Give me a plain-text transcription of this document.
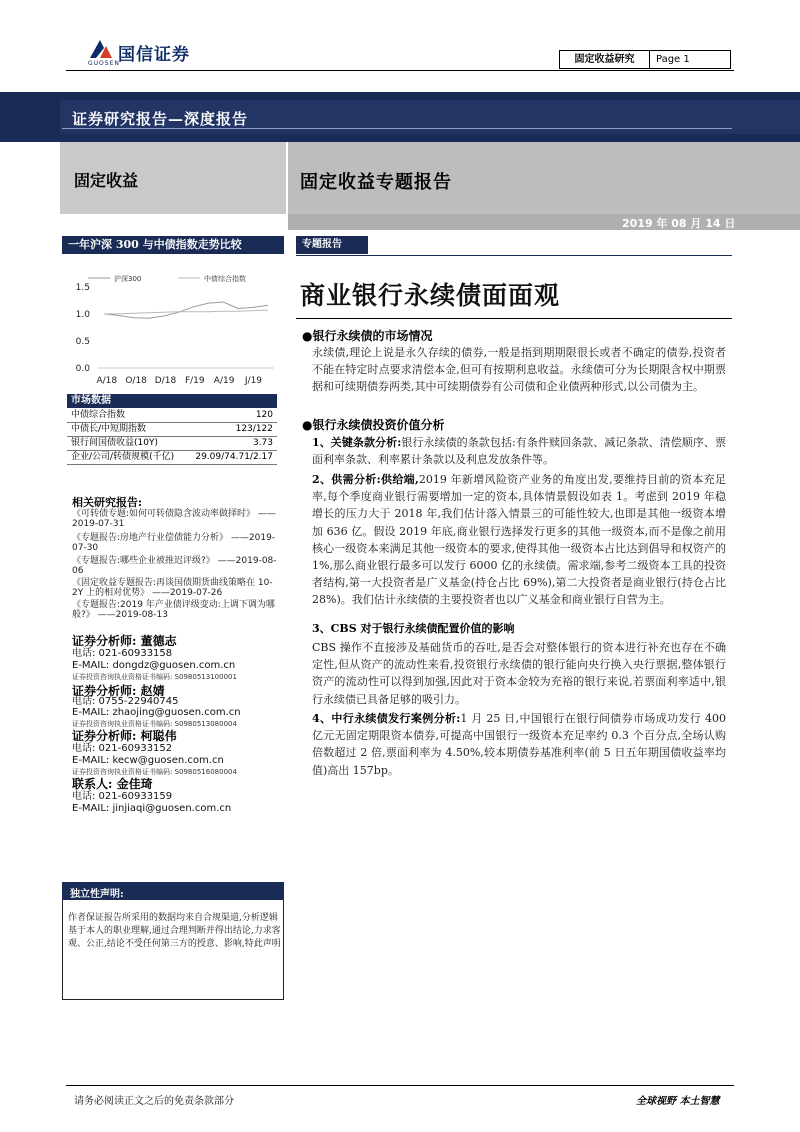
国信证券
GUOSEN	固定收益研究	Page 1
证券研究报告—深度报告
固定收益	固定收益专题报告
2019 年 08 月 14 日
一年沪深 300 与中债指数走势比较
沪深300	中债综合指数
0.0
0.5
1.0
1.5
A/18 O/18 D/18 F/19 A/19 J/19
市场数据
中债综合指数	120
中债长/中短期指数	123/122
银行间国债收益(10Y)	3.73
企业/公司/转债规模(千亿) 29.09/74.71/2.17
相关研究报告:
《可转债专题:如何可转债隐含波动率做择时》 ——2019-07-31
《专题报告:房地产行业偿债能力分析》 ——2019-07-30
《专题报告:哪些企业被推迟评级?》 ——2019-08-06
《固定收益专题报告:再谈国债期货曲线策略在 10-2Y 上的相对优势》 ——2019-07-26
《专题报告:2019 年产业债评级变动:上调下调为哪般?》 ——2019-08-13
证券分析师: 董德志
电话: 021-60933158
E-MAIL: dongdz@guosen.com.cn
证券投资咨询执业资格证书编码: S0980513100001
证券分析师: 赵婧
电话: 0755-22940745
E-MAIL: zhaojing@guosen.com.cn
证券投资咨询执业资格证书编码: S0980513080004
证券分析师: 柯聪伟
电话: 021-60933152
E-MAIL: kecw@guosen.com.cn
证券投资咨询执业资格证书编码: S0980516080004
联系人: 金佳琦
电话: 021-60933159
E-MAIL: jinjiaqi@guosen.com.cn
独立性声明:
作者保证报告所采用的数据均来自合规渠道,分析逻辑基于本人的职业理解,通过合理判断并得出结论,力求客观、公正,结论不受任何第三方的授意、影响,特此声明
专题报告
商业银行永续债面面观
●银行永续债的市场情况
永续债,理论上说是永久存续的债券,一般是指到期期限很长或者不确定的债券,投资者不能在特定时点要求清偿本金,但可有按期利息收益。永续债可分为长期限含权中期票据和可续期债券两类,其中可续期债券有公司债和企业债两种形式,以公司债为主。
●银行永续债投资价值分析
1、关键条款分析:银行永续债的条款包括:有条件赎回条款、减记条款、清偿顺序、票面利率条款、利率累计条款以及利息发放条件等。
2、供需分析:供给端,2019 年新增风险资产业务的角度出发,要维持目前的资本充足率,每个季度商业银行需要增加一定的资本,具体情景假设如表 1。考虑到 2019 年稳增长的压力大于 2018 年,我们估计落入情景三的可能性较大,也即是其他一级资本增加 636 亿。假设 2019 年底,商业银行选择发行更多的其他一级资本,而不是像之前用核心一级资本来满足其他一级资本的要求,使得其他一级资本占比达到倡导和权资产的 1%,那么商业银行最多可以发行 6000 亿的永续债。需求端,参考二级资本工具的投资者结构,第一大投资者是广义基金(持仓占比 69%),第二大投资者是商业银行(持仓占比 28%)。我们估计永续债的主要投资者也以广义基金和商业银行自营为主。
3、CBS 对于银行永续债配置价值的影响
CBS 操作不直接涉及基础货币的吞吐,是否会对整体银行的资本进行补充也存在不确定性,但从资产的流动性来看,投资银行永续债的银行能向央行换入央行票据,整体银行资产的流动性可以得到加强,因此对于资本金较为充裕的银行来说,若票面利率适中,银行永续债已具备足够的吸引力。
4、中行永续债发行案例分析:1 月 25 日,中国银行在银行间债券市场成功发行 400 亿元无固定期限资本债券,可提高中国银行一级资本充足率约 0.3 个百分点,全场认购倍数超过 2 倍,票面利率为 4.50%,较本期债券基准利率(前 5 日五年期国债收益率均值)高出 157bp。
请务必阅读正文之后的免责条款部分	全球视野 本土智慧
